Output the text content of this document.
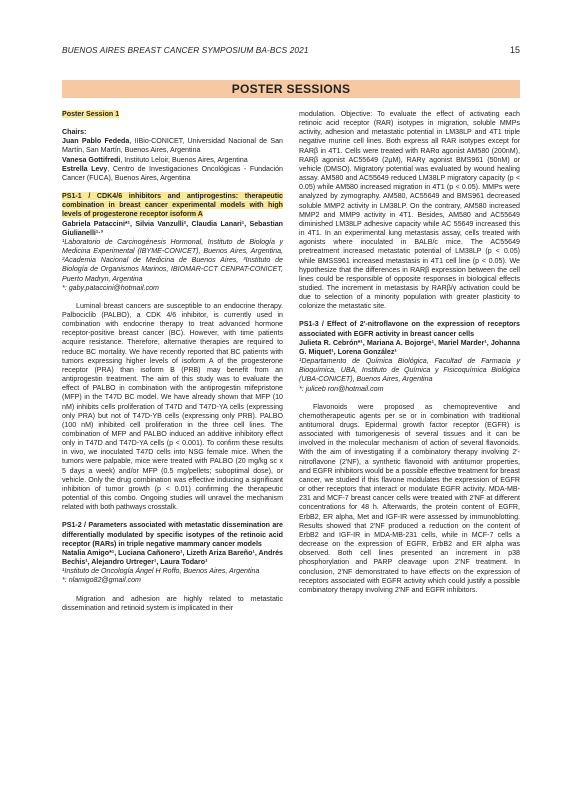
BUENOS AIRES BREAST CANCER SYMPOSIUM BA-BCS 2021	15
POSTER SESSIONS

Poster Session 1

Chairs:

Juan Pablo Fededa, IIBio-CONICET, Universidad Nacional de San Martín, San Martín, Buenos Aires, Argentina

Vanesa Gottifredi, Instituto Leloir, Buenos Aires, Argentina

Estrella Levy, Centro de Investigaciones Oncológicas - Fundación Cancer (FUCA), Buenos Aires, Argentina

PS1-1 / CDK4/6 inhibitors and antiprogestins: therapeutic combination in breast cancer experimental models with high levels of progesterone receptor isoform A

Gabriela Pataccini*¹, Silvia Vanzulli², Claudia Lanari¹, Sebastian Giulianelli¹·³

¹Laboratorio de Carcinogénesis Hormonal, Instituto de Biología y Medicina Experimental (IBYME-CONICET), Buenos Aires, Argentina, ²Academia Nacional de Medicina de Buenos Aires, ³Instituto de Biología de Organismos Marinos, IBIOMAR-CCT CENPAT-CONICET, Puerto Madryn, Argentina

*: gaby.pataccini@hotmail.com

Luminal breast cancers are susceptible to an endocrine therapy. Palbociclib (PALBO), a CDK 4/6 inhibitor, is currently used in combination with endocrine therapy to treat advanced hormone receptor-positive breast cancer (BC). However, with time patients acquire resistance. Therefore, alternative therapies are required to reduce BC mortality. We have recently reported that BC patients with tumors expressing higher levels of isoform A of the progesterone receptor (PRA) than isoform B (PRB) may benefit from an antiprogestin treatment. The aim of this study was to evaluate the effect of PALBO in combination with the antiprogestin mifepristone (MFP) in the T47D BC model. We have already shown that MFP (10 nM) inhibits cells proliferation of T47D and T47D-YA cells (expressing only PRA) but not of T47D-YB cells (expressing only PRB). PALBO (100 nM) inhibited cell proliferation in the three cell lines. The combination of MFP and PALBO induced an additive inhibitory effect only in T47D and T47D-YA cells (p < 0.001). To confirm these results in vivo, we inoculated T47D cells into NSG female mice. When the tumors were palpable, mice were treated with PALBO (20 mg/kg sc x 5 days a week) and/or MFP (0.5 mg/pellets; suboptimal dose), or vehicle. Only the drug combination was effective inducing a significant inhibition of tumor growth (p < 0.01) confirming the therapeutic potential of this combo. Ongoing studies will unravel the mechanism related with both pathways crosstalk.

PS1-2 / Parameters associated with metastatic dissemination are differentially modulated by specific isotypes of the retinoic acid receptor (RARs) in triple negative mammary cancer models

Natalia Amigo*¹, Luciana Cañonero¹, Lizeth Ariza Bareño¹, Andrés Bechis¹, Alejandro Urtreger¹, Laura Todaro¹

¹Instituto de Oncología Ángel H Roffo, Buenos Aires, Argentina

*: nlamigo82@gmail.com

Migration and adhesion are highly related to metastatic dissemination and retinoid system is implicated in their

modulation. Objective: To evaluate the effect of activating each retinoic acid receptor (RAR) isotypes in migration, soluble MMPs activity, adhesion and metastatic potential in LM38LP and 4T1 triple negative murine cell lines. Both express all RAR isotypes except for RARβ in 4T1. Cells were treated with RARα agonist AM580 (200nM), RARβ agonist AC55649 (2μM), RARγ agonist BMS961 (50nM) or vehicle (DMSO). Migratory potential was evaluated by wound healing assay. AM580 and AC55649 reduced LM38LP migratory capacity (p < 0.05) while AM580 increased migration in 4T1 (p < 0.05). MMPs were analyzed by zymography. AM580, AC55649 and BMS961 decreased soluble MMP2 activity in LM38LP. On the contrary, AM580 increased MMP2 and MMP9 activity in 4T1. Besides, AM580 and AC55649 diminished LM38LP adhesive capacity while AC 55649 increased this in 4T1. In an experimental lung metastasis assay, cells treated with agonists where inoculated in BALB/c mice. The AC55649 pretreatment increased metastatic potential of LM38LP (p < 0.05) while BMSS961 increased metastasis in 4T1 cell line (p < 0.05). We hypothesize that the differences in RARβ expression between the cell lines could be responsible of opposite responses in biological effects studied. The increment in metastasis by RARβ/γ activation could be due to selection of a minority population with greater plasticity to colonize the metastatic site.

PS1-3 / Effect of 2'-nitroflavone on the expression of receptors associated with EGFR activity in breast cancer cells

Julieta R. Cebrón*¹, Mariana A. Bojorge¹, Mariel Marder¹, Johanna G. Miquet¹, Lorena González¹

¹Departamento de Química Biológica, Facultad de Farmacia y Bioquímica, UBA, Instituto de Química y Fisicoquímica Biológica (UBA-CONICET), Buenos Aires, Argentina

*: juliceb ron@hotmail.com

Flavonoids were proposed as chemopreventive and chemotherapeutic agents per se or in combination with traditional antitumoral drugs. Epidermal growth factor receptor (EGFR) is associated with tumorigenesis of several tissues and it can be involved in the molecular mechanism of action of several flavonoids. With the aim of investigating if a combinatory therapy involving 2'-nitroflavone (2'NF), a synthetic flavonoid with antitumor properties, and EGFR inhibitors would be a possible effective treatment for breast cancer, we studied if this flavone modulates the expression of EGFR or other receptors that interact or modulate EGFR activity. MDA-MB-231 and MCF-7 breast cancer cells were treated with 2'NF at different concentrations for 48 h. Afterwards, the protein content of EGFR, ErbB2, ER alpha, Met and IGF-IR were assessed by immunoblotting. Results showed that 2'NF produced a reduction on the content of ErbB2 and IGF-IR in MDA-MB-231 cells, while in MCF-7 cells a decrease on the expression of EGFR, ErbB2 and ER alpha was observed. Both cell lines presented an increment in p38 phosphorylation and PARP cleavage upon 2'NF treatment. In conclusion, 2'NF demonstrated to have effects on the expression of receptors associated with EGFR activity which could justify a possible combinatory therapy involving 2'NF and EGFR inhibitors.
